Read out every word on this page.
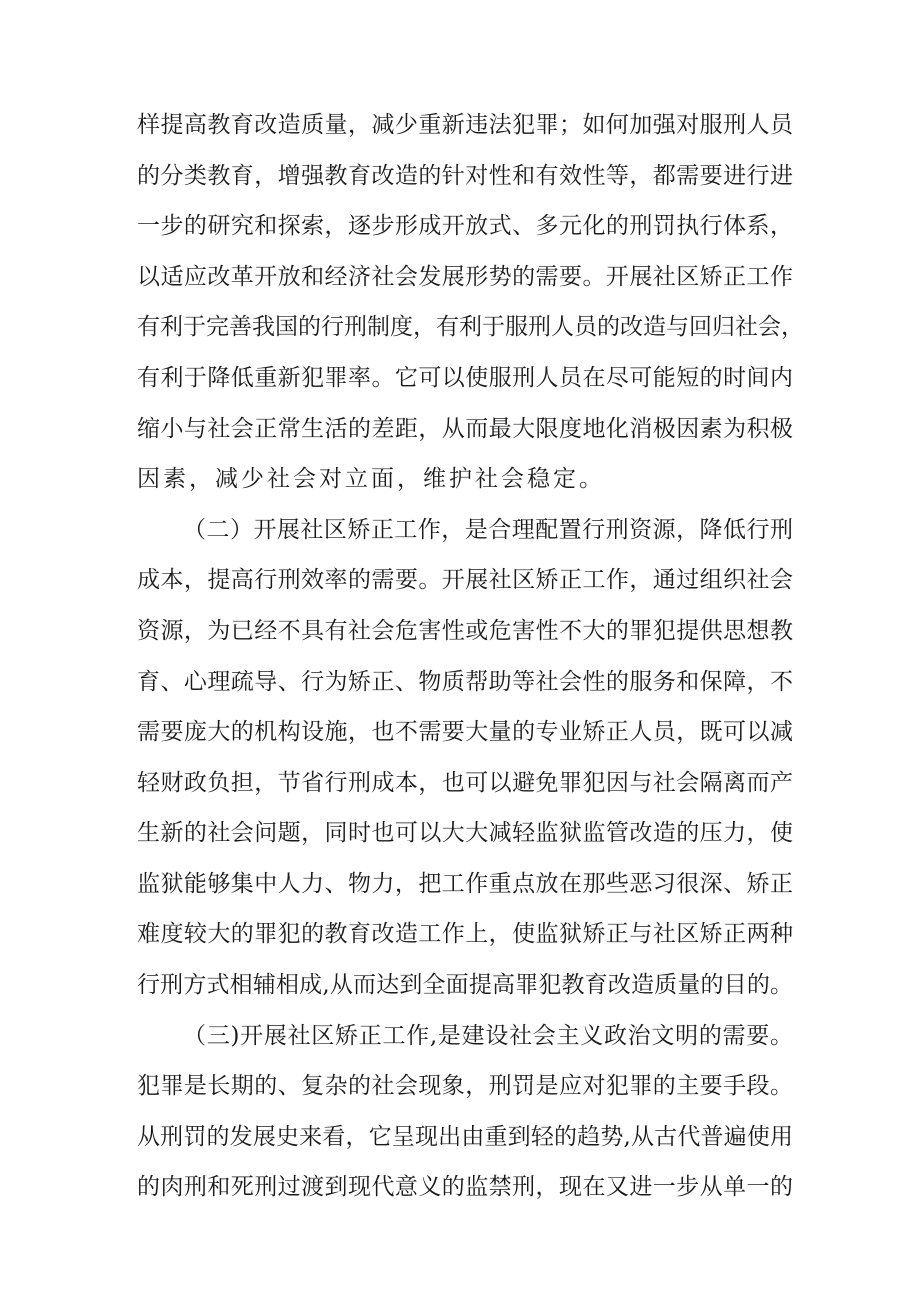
样提高教育改造质量，减少重新违法犯罪；如何加强对服刑人员

的分类教育，增强教育改造的针对性和有效性等，都需要进行进

一步的研究和探索，逐步形成开放式、多元化的刑罚执行体系，

以适应改革开放和经济社会发展形势的需要。开展社区矫正工作

有利于完善我国的行刑制度，有利于服刑人员的改造与回归社会，

有利于降低重新犯罪率。它可以使服刑人员在尽可能短的时间内

缩小与社会正常生活的差距，从而最大限度地化消极因素为积极

因素，减少社会对立面，维护社会稳定。

（二）开展社区矫正工作，是合理配置行刑资源，降低行刑

成本，提高行刑效率的需要。开展社区矫正工作，通过组织社会

资源，为已经不具有社会危害性或危害性不大的罪犯提供思想教

育、心理疏导、行为矫正、物质帮助等社会性的服务和保障，不

需要庞大的机构设施，也不需要大量的专业矫正人员，既可以减

轻财政负担，节省行刑成本，也可以避免罪犯因与社会隔离而产

生新的社会问题，同时也可以大大减轻监狱监管改造的压力，使

监狱能够集中人力、物力，把工作重点放在那些恶习很深、矫正

难度较大的罪犯的教育改造工作上，使监狱矫正与社区矫正两种

行刑方式相辅相成,从而达到全面提高罪犯教育改造质量的目的。

（三)开展社区矫正工作,是建设社会主义政治文明的需要。

犯罪是长期的、复杂的社会现象，刑罚是应对犯罪的主要手段。

从刑罚的发展史来看，它呈现出由重到轻的趋势,从古代普遍使用

的肉刑和死刑过渡到现代意义的监禁刑，现在又进一步从单一的
